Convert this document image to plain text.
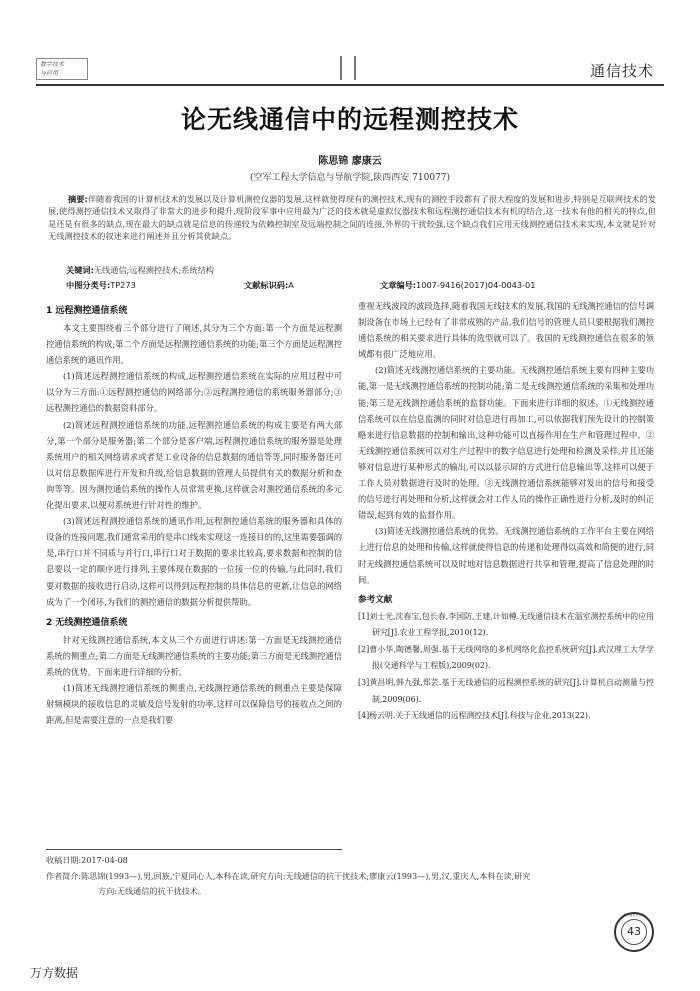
数字技术
与应用	通信技术
论无线通信中的远程测控技术
陈思锦 廖康云
(空军工程大学信息与导航学院,陕西西安 710077)
摘要:伴随着我国的计算机技术的发展以及计算机测控仪器的发展,这样就使得现有的测控技术,现有的测控手段都有了很大程度的发展和进步,特别是互联网技术的发展,使得测控通信技术又取得了非常大的进步和提升,现阶段军事中应用最为广泛的技术就是虚拟仪器技术和远程测控通信技术有机的结合,这一技术有他的相关的特点,但是还是有很多的缺点,现在最大的缺点就是信息的传递较为依赖控制室及远端控制之间的连接,外界的干扰较强,这个缺点我们应用无线测控通信技术来实现,本文就是针对无线测控技术的叙述来进行阐述并且分析其优缺点。
关键词:无线通信;远程测控技术;系统结构
中图分类号:TP273	文献标识码:A	文章编号:1007-9416(2017)04-0043-01
1 远程测控通信系统

本文主要围绕着三个部分进行了阐述,其分为三个方面:第一个方面是远程测控通信系统的构成;第二个方面是远程测控通信系统的功能;第三个方面是远程测控通信系统的通讯作用。

(1)简述远程测控通信系统的构成,远程测控通信系统在实际的应用过程中可以分为三方面:①远程测控通信的网络部分;②远程测控通信的系统服务器部分;③远程测控通信的数据资料部分。

(2)简述远程测控通信系统的功能,远程测控通信系统的构成主要是有两大部分,第一个部分是服务器;第二个部分是客户端,远程测控通信系统的服务器是处理系统用户的相关网络请求或者是工业设备的信息数据的通信等等,同时服务器还可以对信息数据库进行开发和升级,给信息数据的管理人员提供有关的数据分析和查询等等。因为测控通信系统的操作人员常常更换,这样就会对测控通信系统的多元化提出要求,以便对系统进行针对性的维护。

(3)简述远程测控通信系统的通讯作用,远程测控通信系统的服务器和具体的设备的连接问题,我们通常采用的是串口线来实现这一连接目的的,这里需要强调的是,串行口并不同质与并行口,串行口对于数据的要求比较高,要求数据和控制的信息要以一定的顺序进行排列,主要体现在数据的一位接一位的传输,与此同时,我们要对数据的接收进行启动,这样可以得到远程控制的具体信息的更新,让信息的网络成为了一个闭环,为我们的测控通信的数据分析提供帮助。

2 无线测控通信系统

针对无线测控通信系统,本文从三个方面进行讲述:第一方面是无线测控通信系统的侧重点;第二方面是无线测控通信系统的主要功能;第三方面是无线测控通信系统的优势。下面来进行详细的分析。

(1)简述无线测控通信系统的侧重点,无线测控通信系统的侧重点主要是保障射频模块的接收信息的灵敏及信号发射的功率,这样可以保障信号的接收点之间的距离,但是需要注意的一点是我们要

重视无线波段的波段选择,随着我国无线技术的发展,我国的无线测控通信的信号调制设备在市场上已经有了非常成熟的产品,我们信号的管理人员只要根据我们测控通信系统的相关要求进行具体的选型就可以了。我国的无线测控通信在很多的领域都有很广泛地应用。

(2)简述无线测控通信系统的主要功能。无线测控通信系统主要有四种主要功能,第一是无线测控通信系统的控制功能;第二是无线测控通信系统的采集和处理功能;第三是无线测控通信系统的监督功能。下面来进行详细的叙述。①无线测控通信系统可以在信息监测的同时对信息进行再加工,可以依据我们预先设计的控制策略来进行信息数据的控制和输出,这种功能可以直接作用在生产和管理过程中。②无线测控通信系统可以对生产过程中的数字信息进行处理和检测及采样,并且还能够对信息进行某种形式的输出,可以以显示屏的方式进行信息输出等,这样可以便于工作人员对数据进行及时的处理。③无线测控通信系统能够对发出的信号和接受的信号进行再处理和分析,这样就会对工作人员的操作正确性进行分析,及时的纠正错误,起到有效的监督作用。

(3)简述无线测控通信系统的优势。无线测控通信系统的工作平台主要在网络上进行信息的处理和传输,这样就使得信息的传递和处理得以高效和简便的进行,同时无线测控通信系统可以及时地对信息数据进行共享和管理,提高了信息处理的时间。

参考文献
[1]刘士光,沈春宝,包长春,李国防,王建,计如樽.无线通信技术在温室测控系统中的应用研究[J].农业工程学报,2010(12).
[2]曹小华,陶德馨,周强.基于无线网络的多机网络化监控系统研究[J].武汉理工大学学报(交通科学与工程版),2009(02).
[3]黄昌明,韩九强,郑芸.基于无线通信的远程测控系统的研究[J].计算机自动测量与控制,2009(06).
[4]杨云明.关于无线通信的远程测控技术[J].科技与企业,2013(22).
收稿日期:2017-04-08
作者简介:陈思锦(1993—),男,回族,宁夏同心人,本科在读,研究方向:无线通信的抗干扰技术;廖康云(1993—),男,汉,重庆人,本科在读,研究
方向:无线通信的抗干扰技术。
数字技术与应用
43
万方数据
